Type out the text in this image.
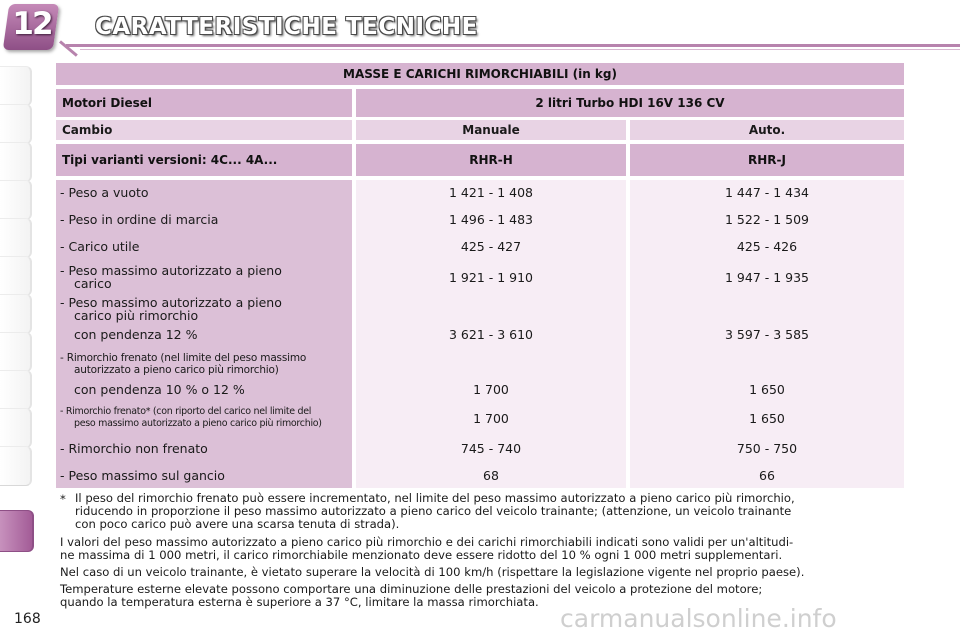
12 CARATTERISTICHE TECNICHE
MASSE E CARICHI RIMORCHIABILI (in kg)
Motori Diesel	2 litri Turbo HDI 16V 136 CV
Cambio	Manuale	Auto.
Tipi varianti versioni: 4C... 4A...	RHR-H	RHR-J
- Peso a vuoto	1 421 - 1 408	1 447 - 1 434
- Peso in ordine di marcia	1 496 - 1 483	1 522 - 1 509
- Carico utile	425 - 427	425 - 426
- Peso massimo autorizzato a pieno
carico	1 921 - 1 910	1 947 - 1 935
- Peso massimo autorizzato a pieno
carico più rimorchio
con pendenza 12 %	3 621 - 3 610	3 597 - 3 585
- Rimorchio frenato (nel limite del peso massimo
autorizzato a pieno carico più rimorchio)
con pendenza 10 % o 12 %	1 700	1 650
- Rimorchio frenato* (con riporto del carico nel limite del
peso massimo autorizzato a pieno carico più rimorchio)	1 700	1 650
- Rimorchio non frenato	745 - 740	750 - 750
- Peso massimo sul gancio	68	66
* Il peso del rimorchio frenato può essere incrementato, nel limite del peso massimo autorizzato a pieno carico più rimorchio,
riducendo in proporzione il peso massimo autorizzato a pieno carico del veicolo trainante; (attenzione, un veicolo trainante
con poco carico può avere una scarsa tenuta di strada).
I valori del peso massimo autorizzato a pieno carico più rimorchio e dei carichi rimorchiabili indicati sono validi per un'altitudi-
ne massima di 1 000 metri, il carico rimorchiabile menzionato deve essere ridotto del 10 % ogni 1 000 metri supplementari.
Nel caso di un veicolo trainante, è vietato superare la velocità di 100 km/h (rispettare la legislazione vigente nel proprio paese).
Temperature esterne elevate possono comportare una diminuzione delle prestazioni del veicolo a protezione del motore;
quando la temperatura esterna è superiore a 37 °C, limitare la massa rimorchiata.
168	carmanualsonline.info
